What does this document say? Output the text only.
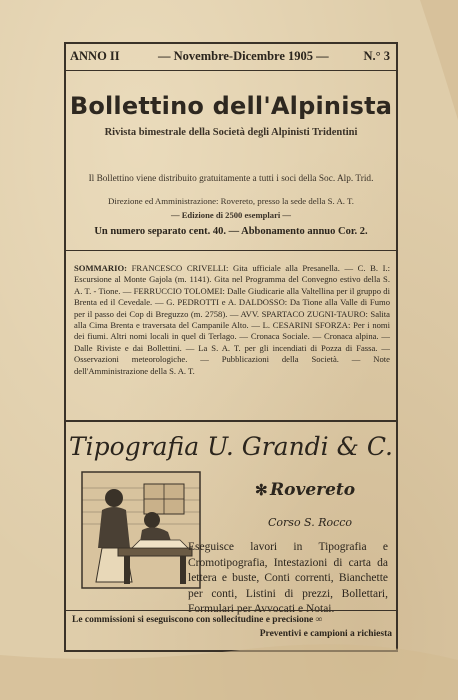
ANNO II	— Novembre-Dicembre 1905 —	N.° 3
Bollettino dell'Alpinista
Rivista bimestrale della Società degli Alpinisti Tridentini
Il Bollettino viene distribuito gratuitamente a tutti i soci della Soc. Alp. Trid.
Direzione ed Amministrazione: Rovereto, presso la sede della S. A. T.
— Edizione di 2500 esemplari —
Un numero separato cent. 40. — Abbonamento annuo Cor. 2.
SOMMARIO: FRANCESCO CRIVELLI: Gita ufficiale alla Presanella. — C. B. I.: Escursione al Monte Gajola (m. 1141). Gita nel Programma del Convegno estivo della S. A. T. - Tione. — FERRUCCIO TOLOMEI: Dalle Giudicarie alla Valtellina per il gruppo di Brenta ed il Cevedale. — G. PEDROTTI e A. DALDOSSO: Da Tione alla Valle di Fumo per il passo dei Cop di Breguzzo (m. 2758). — AVV. SPARTACO ZUGNI-TAURO: Salita alla Cima Brenta e traversata del Campanile Alto. — L. CESARINI SFORZA: Per i nomi dei fiumi. Altri nomi locali in quel di Terlago. — Cronaca Sociale. — Cronaca alpina. — Dalle Riviste e dai Bollettini. — La S. A. T. per gli incendiati di Pozza di Fassa. — Osservazioni meteorologiche. — Pubblicazioni della Società. — Note dell'Amministrazione della S. A. T.
Tipografia U. Grandi & C.
✻ Rovereto
Corso S. Rocco
Eseguisce lavori in Tipografia e Cromotipografia, Intestazioni di carta da lettera e buste, Conti correnti, Bianchette per conti, Listini di prezzi, Bollettari, Formulari per Avvocati e Notai.
Le commissioni si eseguiscono con sollecitudine e precisione ∞
Preventivi e campioni a richiesta
